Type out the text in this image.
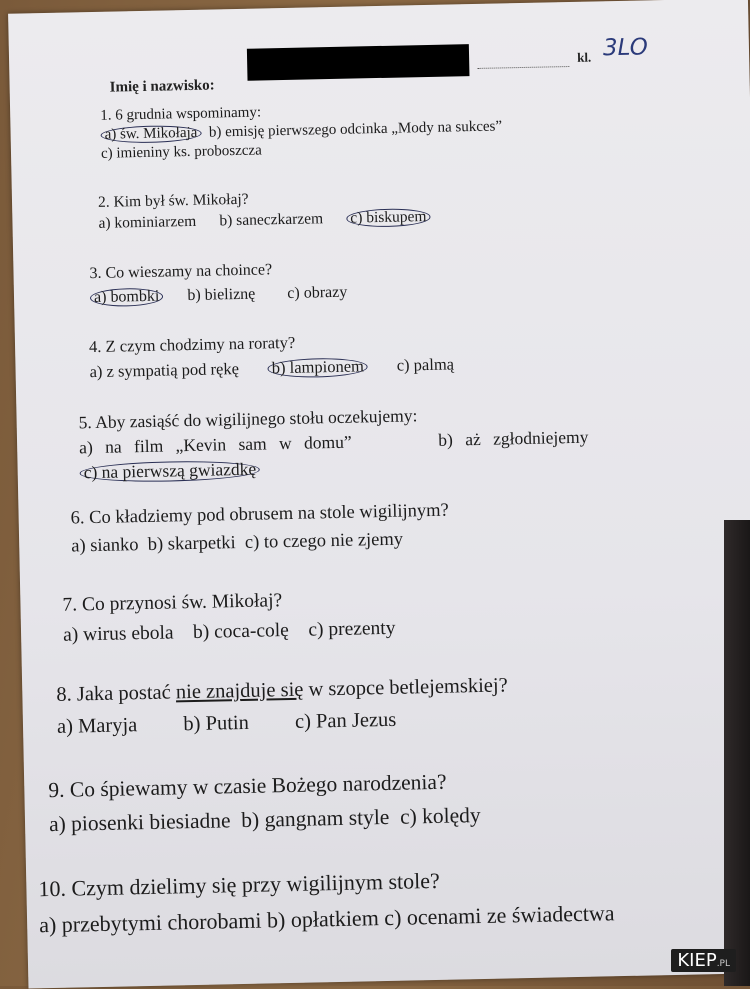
Imię i nazwisko:
kl. 3LO
1. 6 grudnia wspominamy:
a) św. Mikołaja b) emisję pierwszego odcinka „Mody na sukces”
c) imieniny ks. proboszcza
2. Kim był św. Mikołaj?
a) kominiarzem b) saneczkarzem c) biskupem
3. Co wieszamy na choince?
a) bombki b) bieliznę c) obrazy
4. Z czym chodzimy na roraty?
a) z sympatią pod rękę b) lampionem c) palmą
5. Aby zasiąść do wigilijnego stołu oczekujemy:
a) na film „Kevin sam w domu”	b) aż zgłodniejemy
c) na pierwszą gwiazdkę
6. Co kładziemy pod obrusem na stole wigilijnym?
a) sianko b) skarpetki c) to czego nie zjemy
7. Co przynosi św. Mikołaj?
a) wirus ebola b) coca-colę c) prezenty
8. Jaka postać nie znajduje się w szopce betlejemskiej?
a) Maryja b) Putin c) Pan Jezus
9. Co śpiewamy w czasie Bożego narodzenia?
a) piosenki biesiadne b) gangnam style c) kolędy
10. Czym dzielimy się przy wigilijnym stole?
a) przebytymi chorobami b) opłatkiem c) ocenami ze świadectwa
KIEP.PL
